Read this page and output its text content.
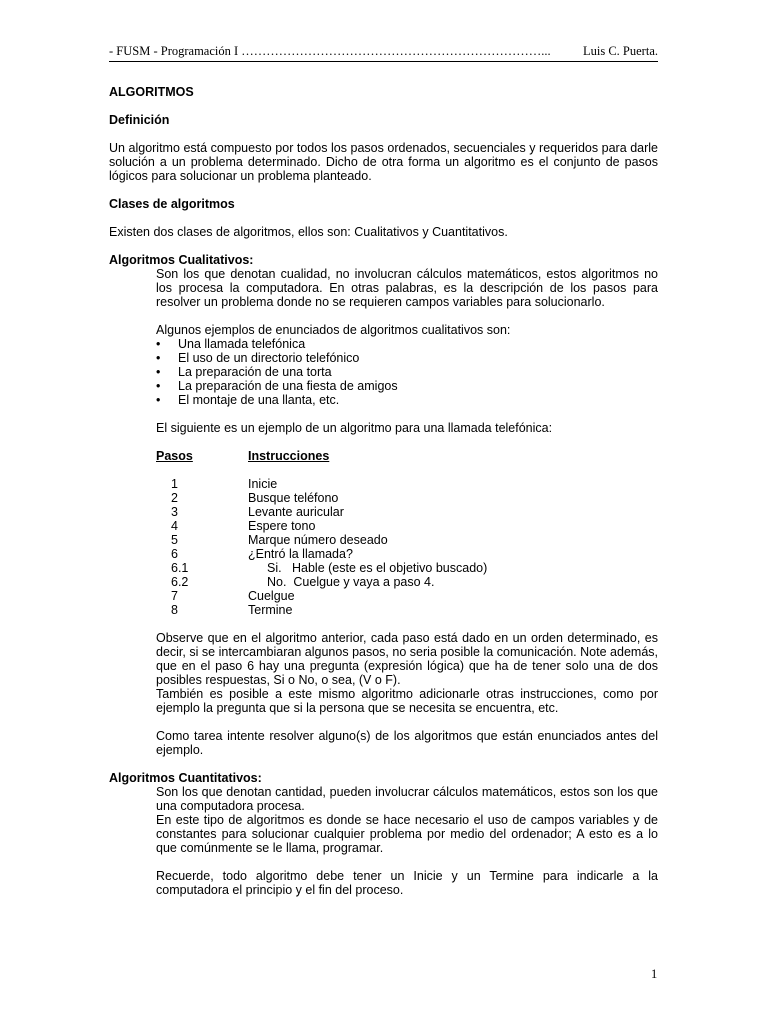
- FUSM - Programación I ………………………………………………………………...	Luis C. Puerta.

ALGORITMOS

Definición

Un algoritmo está compuesto por todos los pasos ordenados, secuenciales y requeridos para darle solución a un problema determinado. Dicho de otra forma un algoritmo es el conjunto de pasos lógicos para solucionar un problema planteado.

Clases de algoritmos

Existen dos clases de algoritmos, ellos son: Cualitativos y Cuantitativos.

Algoritmos Cualitativos:

Son los que denotan cualidad, no involucran cálculos matemáticos, estos algoritmos no los procesa la computadora. En otras palabras, es la descripción de los pasos para resolver un problema donde no se requieren campos variables para solucionarlo.

Algunos ejemplos de enunciados de algoritmos cualitativos son:

• Una llamada telefónica
• El uso de un directorio telefónico
• La preparación de una torta
• La preparación de una fiesta de amigos
• El montaje de una llanta, etc.

El siguiente es un ejemplo de un algoritmo para una llamada telefónica:

Pasos	Instrucciones
1	Inicie
2	Busque teléfono
3	Levante auricular
4	Espere tono
5	Marque número deseado
6	¿Entró la llamada?
6.1	Si.   Hable (este es el objetivo buscado)
6.2	No.  Cuelgue y vaya a paso 4.
7	Cuelgue
8	Termine

Observe que en el algoritmo anterior, cada paso está dado en un orden determinado, es decir, si se intercambiaran algunos pasos, no seria posible la comunicación. Note además, que en el paso 6 hay una pregunta (expresión lógica) que ha de tener solo una de dos posibles respuestas, Si o No, o sea, (V o F).

También es posible a este mismo algoritmo adicionarle otras instrucciones, como por ejemplo la pregunta que si la persona que se necesita se encuentra, etc.

Como tarea intente resolver alguno(s) de los algoritmos que están enunciados antes del ejemplo.

Algoritmos Cuantitativos:

Son los que denotan cantidad, pueden involucrar cálculos matemáticos, estos son los que una computadora procesa.

En este tipo de algoritmos es donde se hace necesario el uso de campos variables y de constantes para solucionar cualquier problema por medio del ordenador; A esto es a lo que comúnmente se le llama, programar.

Recuerde, todo algoritmo debe tener un Inicie y un Termine para indicarle a la computadora el principio y el fin del proceso.

1
